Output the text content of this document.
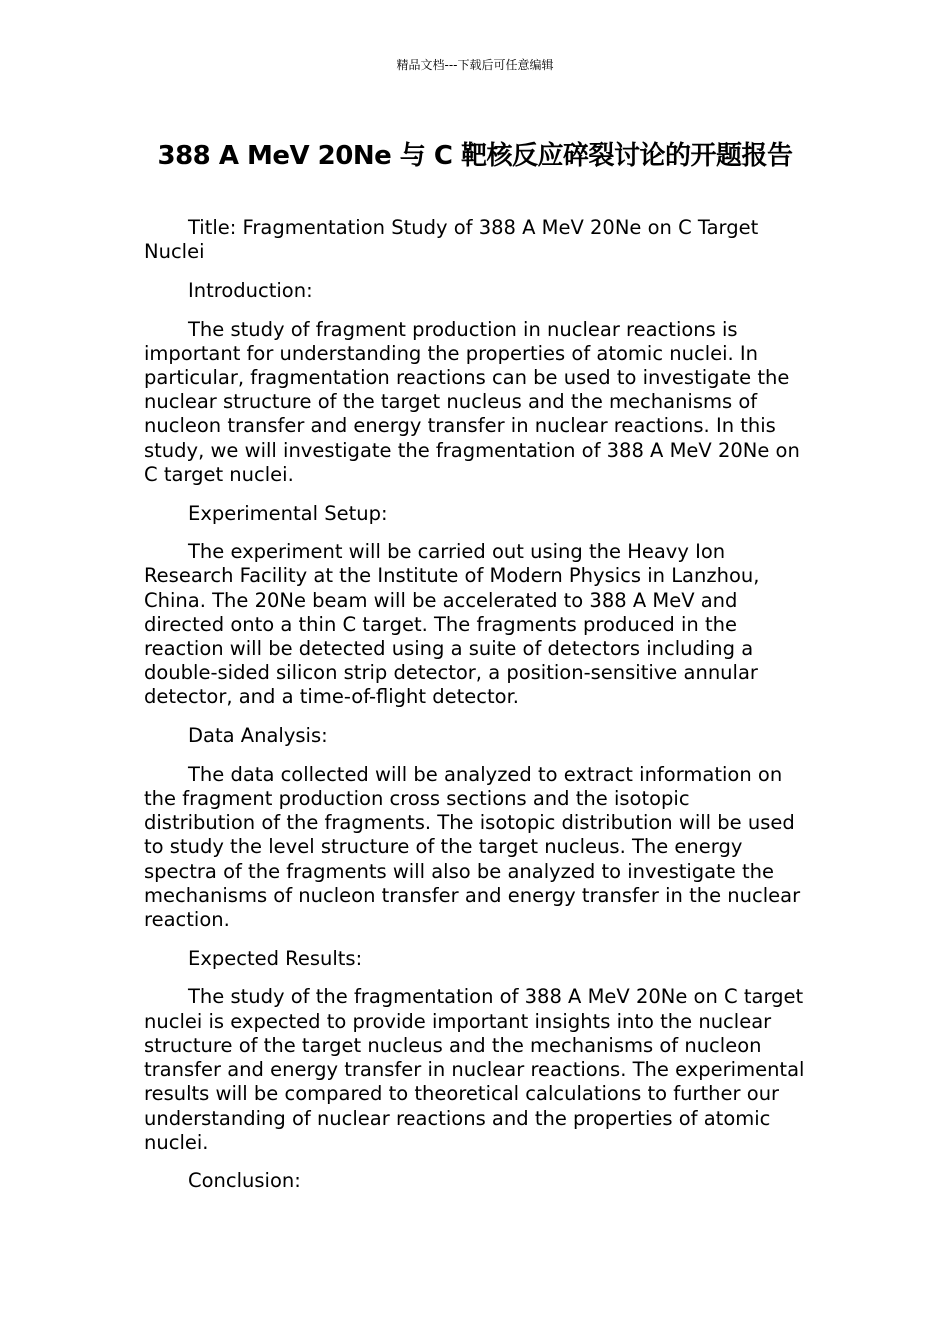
精品文档---下载后可任意编辑
388 A MeV 20Ne 与 C 靶核反应碎裂讨论的开题报告

Title: Fragmentation Study of 388 A MeV 20Ne on C Target Nuclei

Introduction:

The study of fragment production in nuclear reactions is important for understanding the properties of atomic nuclei. In particular, fragmentation reactions can be used to investigate the nuclear structure of the target nucleus and the mechanisms of nucleon transfer and energy transfer in nuclear reactions. In this study, we will investigate the fragmentation of 388 A MeV 20Ne on C target nuclei.

Experimental Setup:

The experiment will be carried out using the Heavy Ion Research Facility at the Institute of Modern Physics in Lanzhou, China. The 20Ne beam will be accelerated to 388 A MeV and directed onto a thin C target. The fragments produced in the reaction will be detected using a suite of detectors including a double-sided silicon strip detector, a position-sensitive annular detector, and a time-of-flight detector.

Data Analysis:

The data collected will be analyzed to extract information on the fragment production cross sections and the isotopic distribution of the fragments. The isotopic distribution will be used to study the level structure of the target nucleus. The energy spectra of the fragments will also be analyzed to investigate the mechanisms of nucleon transfer and energy transfer in the nuclear reaction.

Expected Results:

The study of the fragmentation of 388 A MeV 20Ne on C target nuclei is expected to provide important insights into the nuclear structure of the target nucleus and the mechanisms of nucleon transfer and energy transfer in nuclear reactions. The experimental results will be compared to theoretical calculations to further our understanding of nuclear reactions and the properties of atomic nuclei.

Conclusion:
